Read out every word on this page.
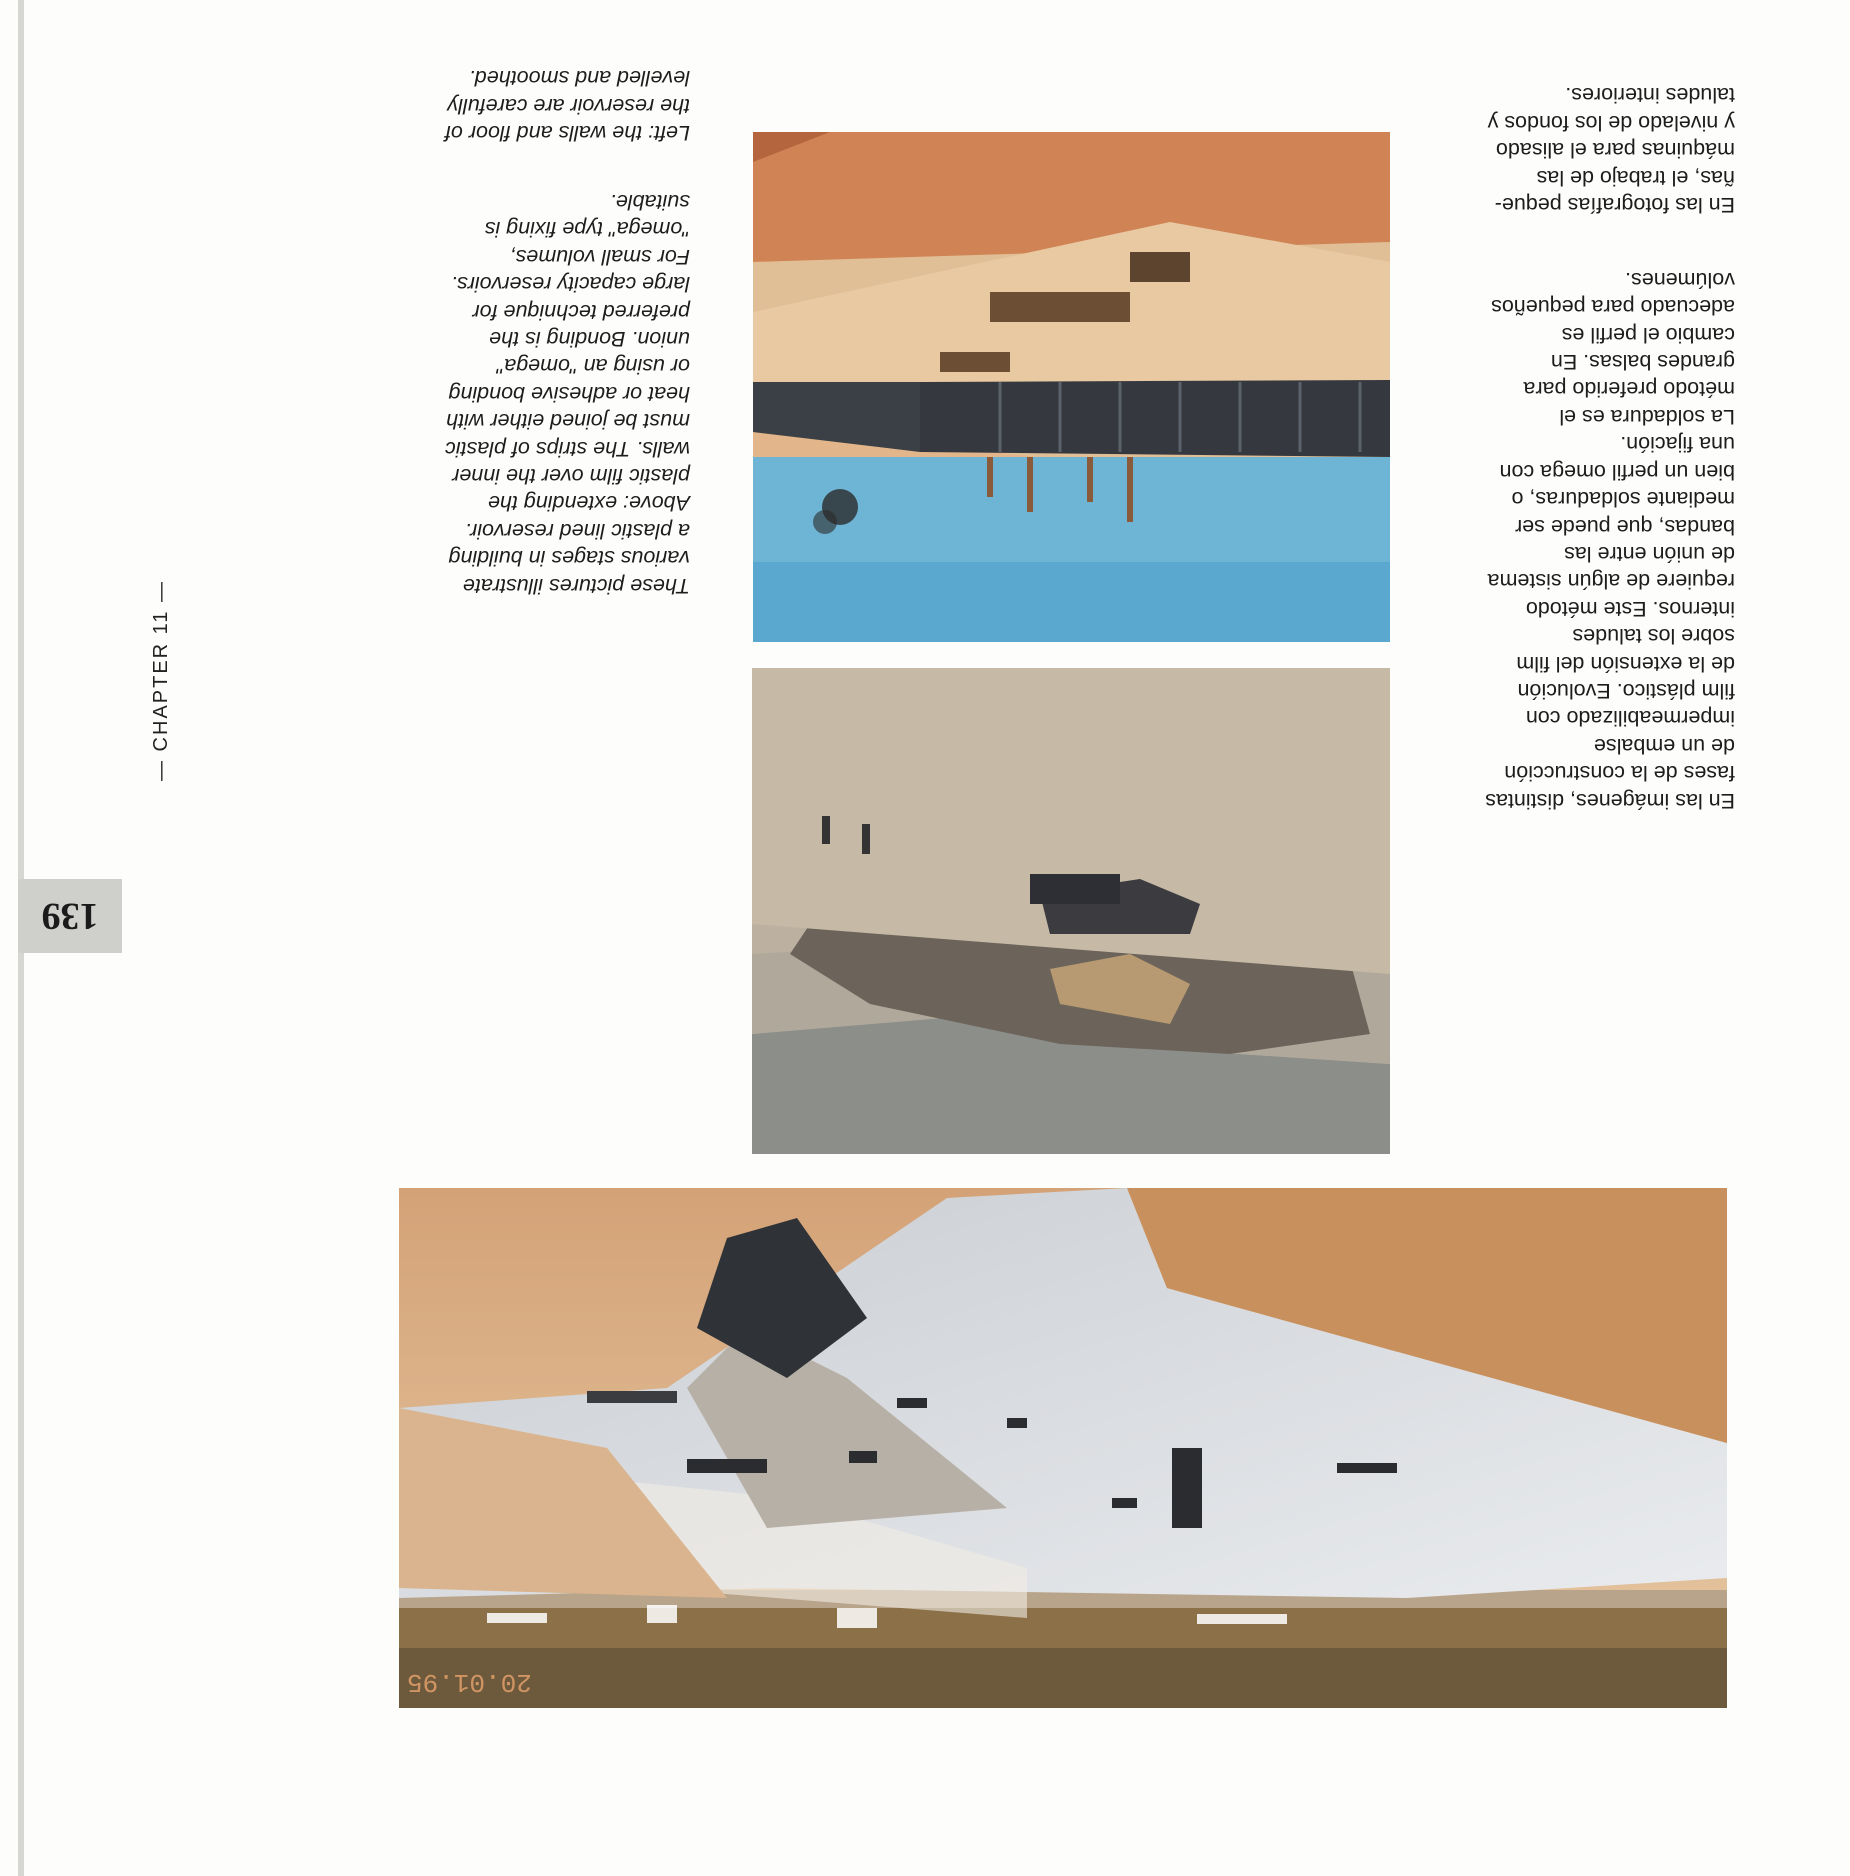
20.01.95

En las imágenes, distintas
fases de la construcción
de un embalse
impermeabilizado con
film plástico. Evolución
de la extensión del film
sobre los taludes
internos. Este método
requiere de algún sistema
de unión entre las
bandas, que puede ser
mediante soldaduras, o
bien un perfil omega con
una fijación.
La soldadura es el
método preferido para
grandes balsas. En
cambio el perfil es
adecuado para pequeños
volúmenes.

En las fotografías peque-
ñas, el trabajo de las
máquinas para el alisado
y nivelado de los fondos y
taludes interiores.

These pictures illustrate
various stages in building
a plastic lined reservoir.
Above: extending the
plastic film over the inner
walls. The strips of plastic
must be joined either with
heat or adhesive bonding
or using an "omega"
union. Bonding is the
preferred technique for
large capacity reservoirs.
For small volumes,
"omega" type fixing is
suitable.

Left: the walls and floor of
the reservoir are carefully
levelled and smoothed.

139
— CHAPTER 11 —
